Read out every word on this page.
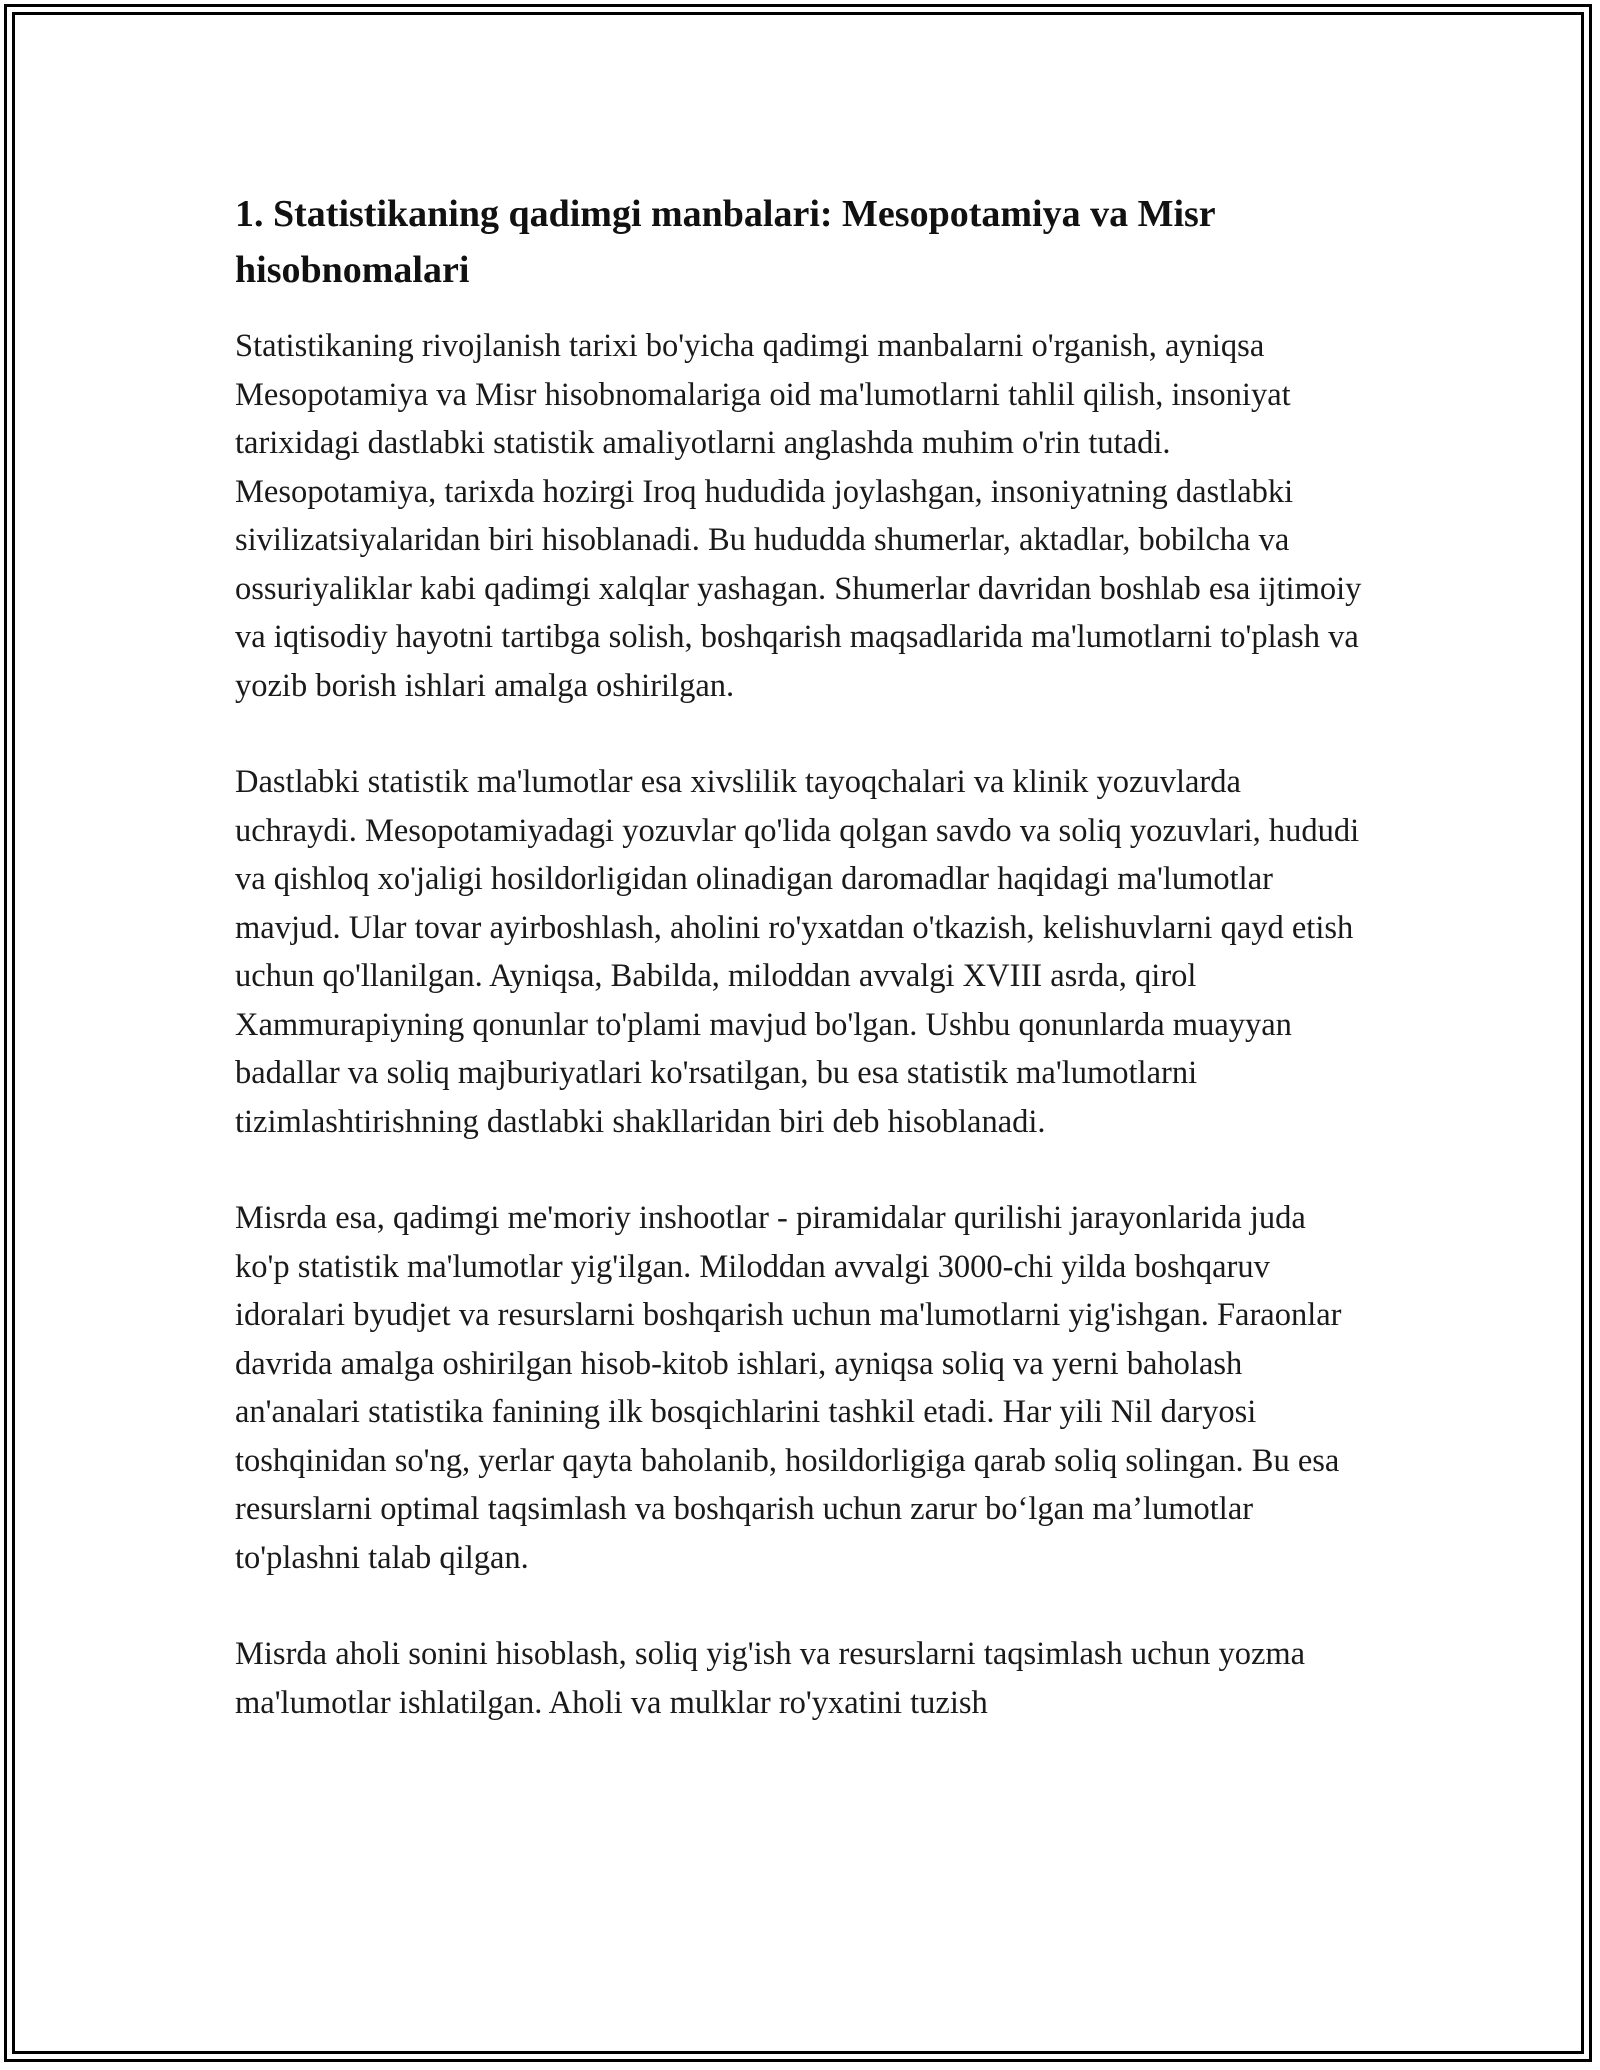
1. Statistikaning qadimgi manbalari: Mesopotamiya va Misr hisobnomalari

Statistikaning rivojlanish tarixi bo'yicha qadimgi manbalarni o'rganish, ayniqsa Mesopotamiya va Misr hisobnomalariga oid ma'lumotlarni tahlil qilish, insoniyat tarixidagi dastlabki statistik amaliyotlarni anglashda muhim o'rin tutadi. Mesopotamiya, tarixda hozirgi Iroq hududida joylashgan, insoniyatning dastlabki sivilizatsiyalaridan biri hisoblanadi. Bu hududda shumerlar, aktadlar, bobilcha va ossuriyaliklar kabi qadimgi xalqlar yashagan. Shumerlar davridan boshlab esa ijtimoiy va iqtisodiy hayotni tartibga solish, boshqarish maqsadlarida ma'lumotlarni to'plash va yozib borish ishlari amalga oshirilgan.

Dastlabki statistik ma'lumotlar esa xivslilik tayoqchalari va klinik yozuvlarda uchraydi. Mesopotamiyadagi yozuvlar qo'lida qolgan savdo va soliq yozuvlari, hududi va qishloq xo'jaligi hosildorligidan olinadigan daromadlar haqidagi ma'lumotlar mavjud. Ular tovar ayirboshlash, aholini ro'yxatdan o'tkazish, kelishuvlarni qayd etish uchun qo'llanilgan. Ayniqsa, Babilda, miloddan avvalgi XVIII asrda, qirol Xammurapiyning qonunlar to'plami mavjud bo'lgan. Ushbu qonunlarda muayyan badallar va soliq majburiyatlari ko'rsatilgan, bu esa statistik ma'lumotlarni tizimlashtirishning dastlabki shakllaridan biri deb hisoblanadi.

Misrda esa, qadimgi me'moriy inshootlar - piramidalar qurilishi jarayonlarida juda ko'p statistik ma'lumotlar yig'ilgan. Miloddan avvalgi 3000-chi yilda boshqaruv idoralari byudjet va resurslarni boshqarish uchun ma'lumotlarni yig'ishgan. Faraonlar davrida amalga oshirilgan hisob-kitob ishlari, ayniqsa soliq va yerni baholash an'analari statistika fanining ilk bosqichlarini tashkil etadi. Har yili Nil daryosi toshqinidan so'ng, yerlar qayta baholanib, hosildorligiga qarab soliq solingan. Bu esa resurslarni optimal taqsimlash va boshqarish uchun zarur bo‘lgan ma’lumotlar to'plashni talab qilgan.

Misrda aholi sonini hisoblash, soliq yig'ish va resurslarni taqsimlash uchun yozma ma'lumotlar ishlatilgan. Aholi va mulklar ro'yxatini tuzish
